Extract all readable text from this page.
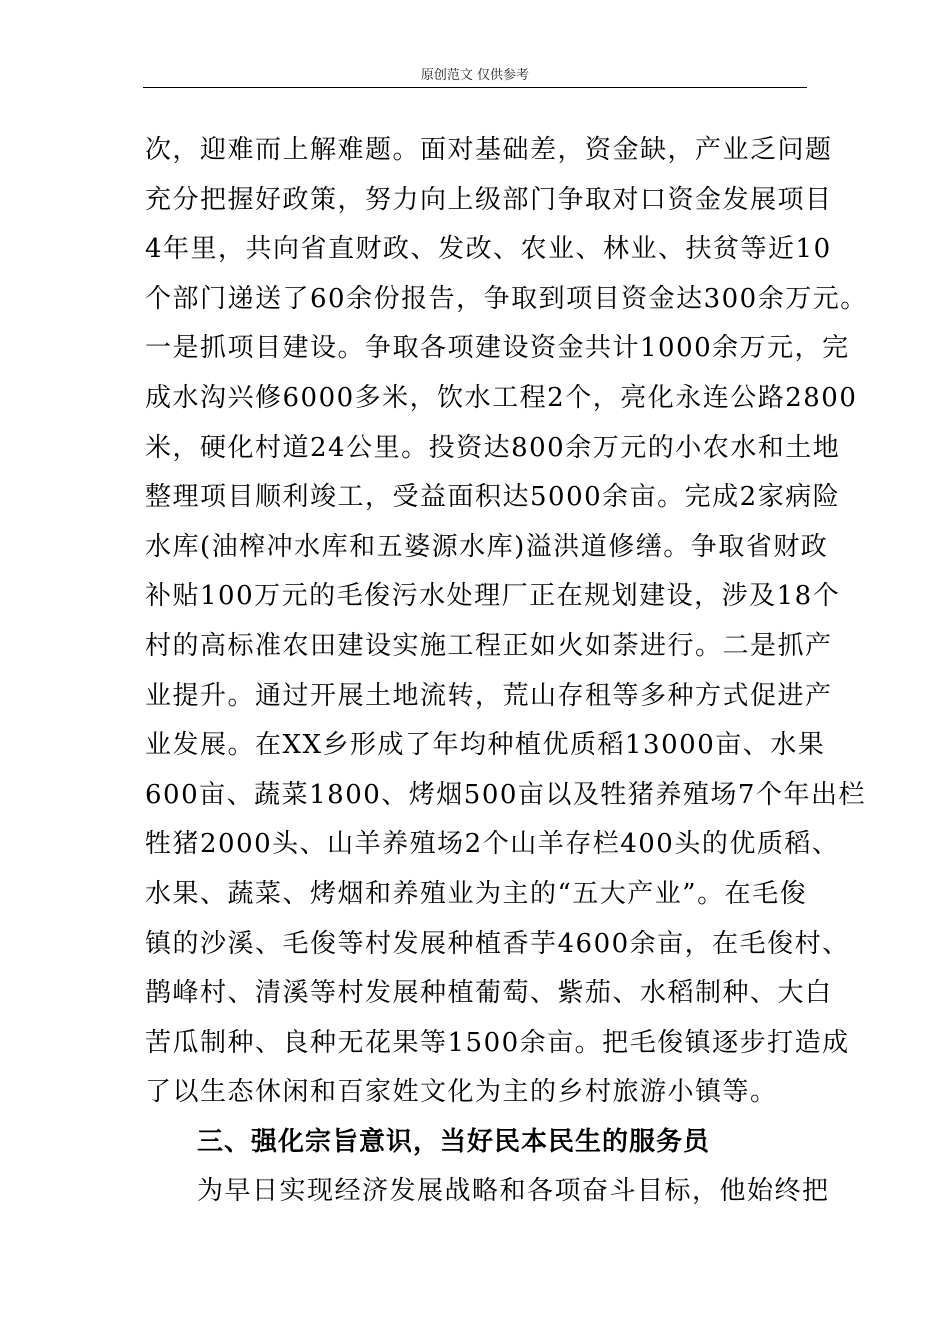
原创范文 仅供参考
次，迎难而上解难题。面对基础差，资金缺，产业乏问题
充分把握好政策，努力向上级部门争取对口资金发展项目
4年里，共向省直财政、发改、农业、林业、扶贫等近10
个部门递送了60余份报告，争取到项目资金达300余万元。
一是抓项目建设。争取各项建设资金共计1000余万元，完
成水沟兴修6000多米，饮水工程2个，亮化永连公路2800
米，硬化村道24公里。投资达800余万元的小农水和土地
整理项目顺利竣工，受益面积达5000余亩。完成2家病险
水库(油榨冲水库和五婆源水库)溢洪道修缮。争取省财政
补贴100万元的毛俊污水处理厂正在规划建设，涉及18个
村的高标准农田建设实施工程正如火如荼进行。二是抓产
业提升。通过开展土地流转，荒山存租等多种方式促进产
业发展。在XX乡形成了年均种植优质稻13000亩、水果
600亩、蔬菜1800、烤烟500亩以及牲猪养殖场7个年出栏
牲猪2000头、山羊养殖场2个山羊存栏400头的优质稻、
水果、蔬菜、烤烟和养殖业为主的“五大产业”。在毛俊
镇的沙溪、毛俊等村发展种植香芋4600余亩，在毛俊村、
鹊峰村、清溪等村发展种植葡萄、紫茄、水稻制种、大白
苦瓜制种、良种无花果等1500余亩。把毛俊镇逐步打造成
了以生态休闲和百家姓文化为主的乡村旅游小镇等。
三、强化宗旨意识，当好民本民生的服务员
为早日实现经济发展战略和各项奋斗目标，他始终把
